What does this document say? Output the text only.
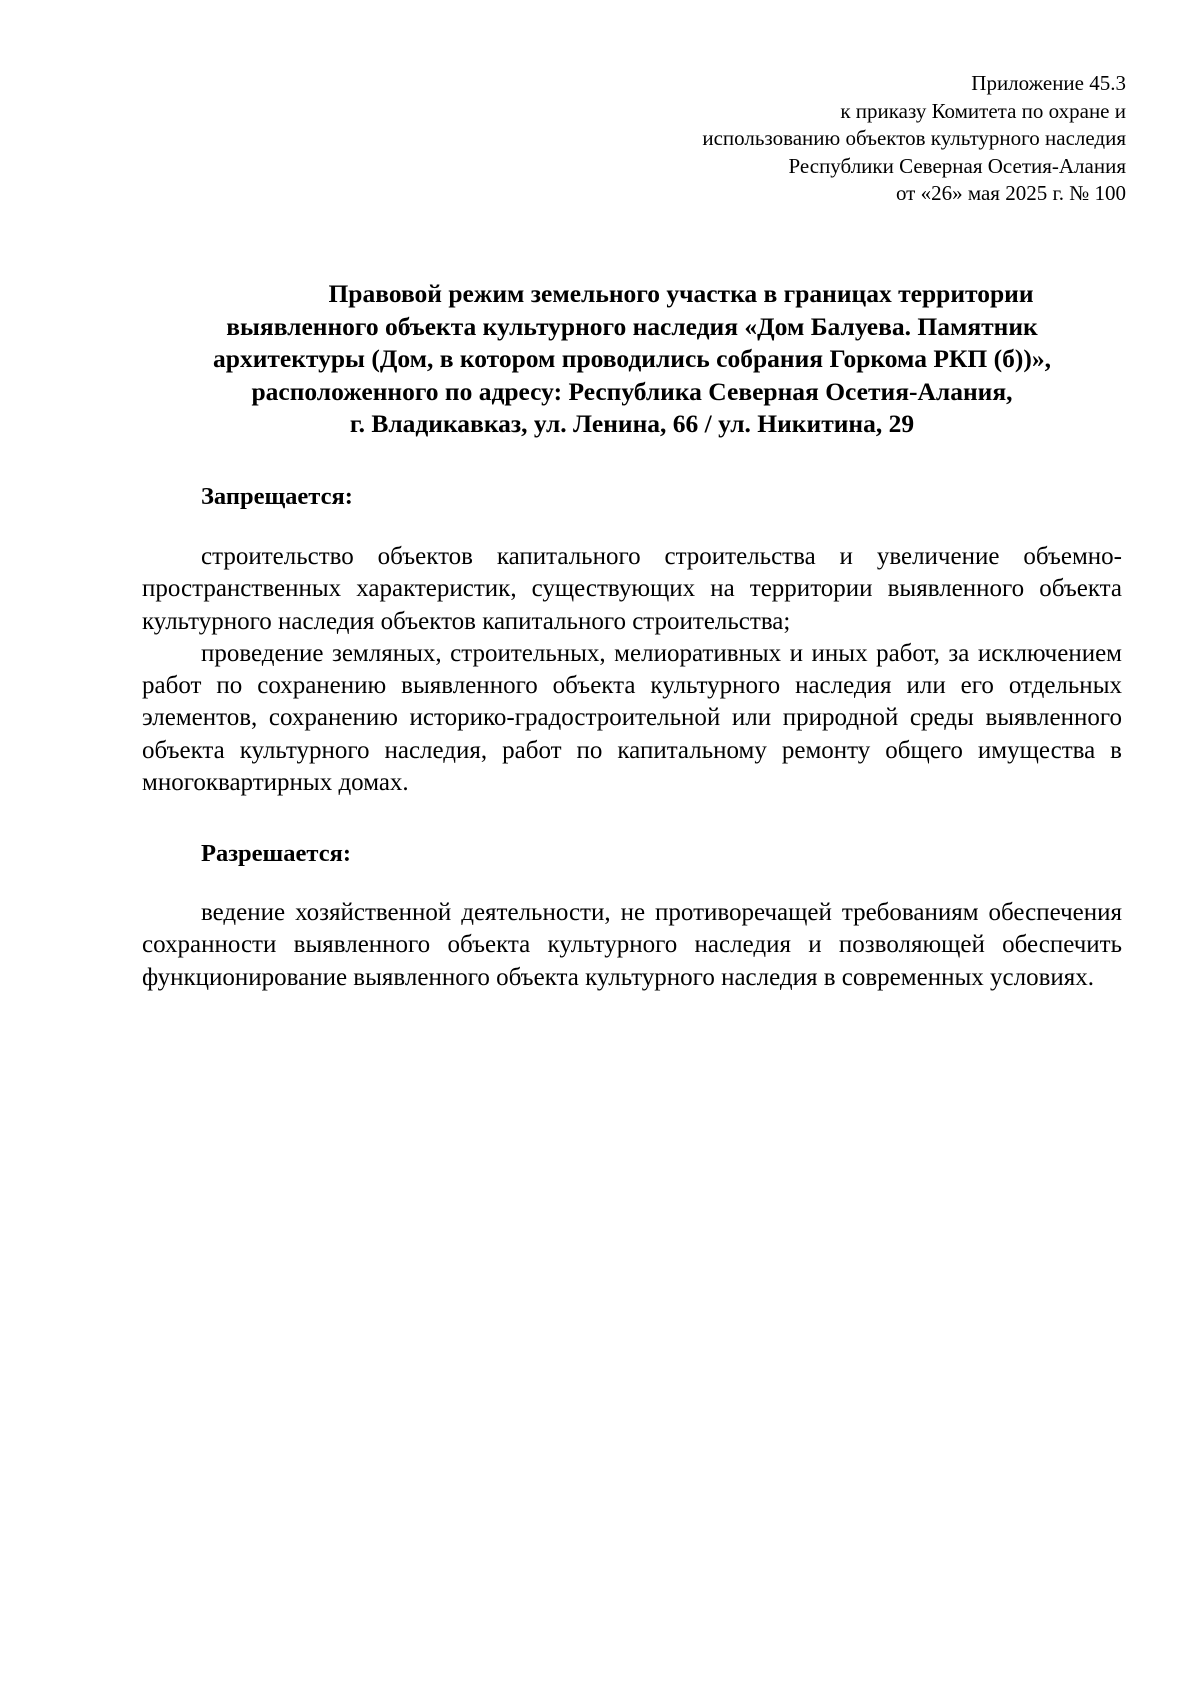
Приложение 45.3
к приказу Комитета по охране и
использованию объектов культурного наследия
Республики Северная Осетия-Алания
от «26» мая 2025 г. № 100
Правовой режим земельного участка в границах территории
выявленного объекта культурного наследия «Дом Балуева. Памятник
архитектуры (Дом, в котором проводились собрания Горкома РКП (б))»,
расположенного по адресу: Республика Северная Осетия-Алания,
г. Владикавказ, ул. Ленина, 66 / ул. Никитина, 29
Запрещается:

строительство объектов капитального строительства и увеличение объемно-пространственных характеристик, существующих на территории выявленного объекта культурного наследия объектов капитального строительства;

проведение земляных, строительных, мелиоративных и иных работ, за исключением работ по сохранению выявленного объекта культурного наследия или его отдельных элементов, сохранению историко-градостроительной или природной среды выявленного объекта культурного наследия, работ по капитальному ремонту общего имущества в многоквартирных домах.

Разрешается:

ведение хозяйственной деятельности, не противоречащей требованиям обеспечения сохранности выявленного объекта культурного наследия и позволяющей обеспечить функционирование выявленного объекта культурного наследия в современных условиях.
